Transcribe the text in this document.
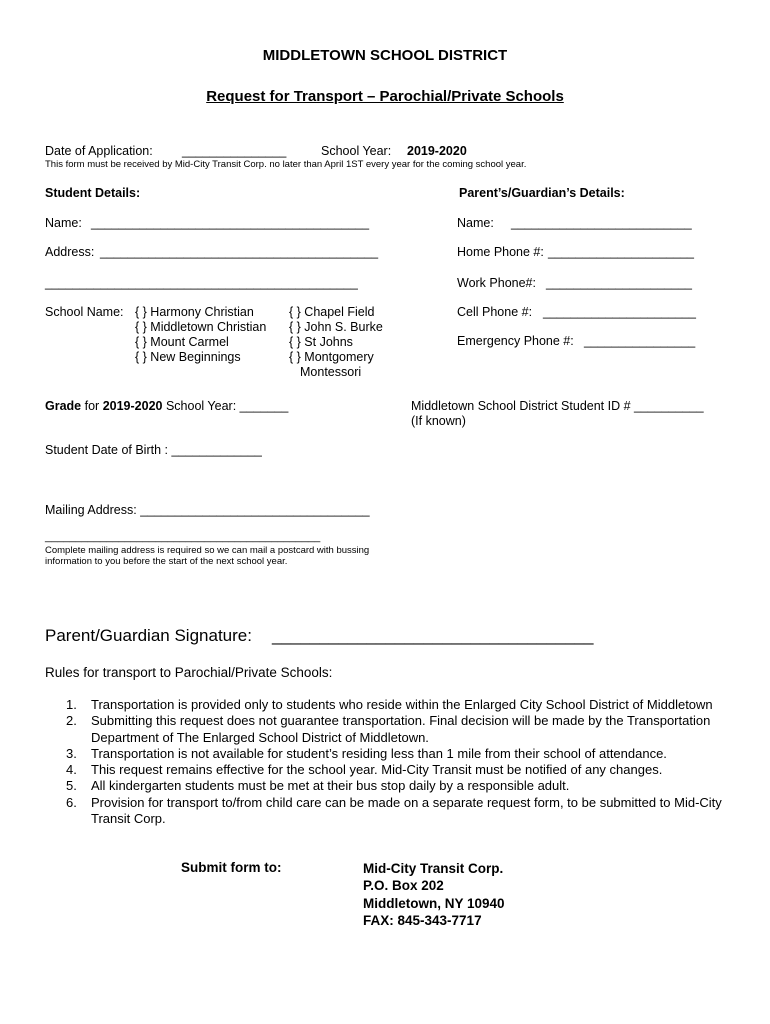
MIDDLETOWN SCHOOL DISTRICT
Request for Transport – Parochial/Private Schools
Date of Application: _______________	School Year: 2019-2020
This form must be received by Mid-City Transit Corp. no later than April 1ST every year for the coming school year.
Student Details:	Parent’s/Guardian’s Details:
Name: ________________________________________
Address: ________________________________________
_____________________________________________
Name: __________________________
Home Phone #: _____________________
Work Phone#: _____________________
Cell Phone #: ______________________
Emergency Phone #: ________________
School Name: { } Harmony Christian
{ } Middletown Christian
{ } Mount Carmel
{ } New Beginnings
{ } Chapel Field
{ } John S. Burke
{ } St Johns
{ } Montgomery
Montessori
Grade for 2019-2020 School Year: _______	Middletown School District Student ID # __________
(If known)
Student Date of Birth : _____________
Mailing Address: _________________________________
_____________________________________________
Complete mailing address is required so we can mail a postcard with bussing
information to you before the start of the next school year.
Parent/Guardian Signature: __________________________________
Rules for transport to Parochial/Private Schools:
1. Transportation is provided only to students who reside within the Enlarged City School District of Middletown
2. Submitting this request does not guarantee transportation. Final decision will be made by the Transportation Department of The Enlarged School District of Middletown.
3. Transportation is not available for student’s residing less than 1 mile from their school of attendance.
4. This request remains effective for the school year. Mid-City Transit must be notified of any changes.
5. All kindergarten students must be met at their bus stop daily by a responsible adult.
6. Provision for transport to/from child care can be made on a separate request form, to be submitted to Mid-City Transit Corp.
Submit form to:	Mid-City Transit Corp.
P.O. Box 202
Middletown, NY 10940
FAX: 845-343-7717
